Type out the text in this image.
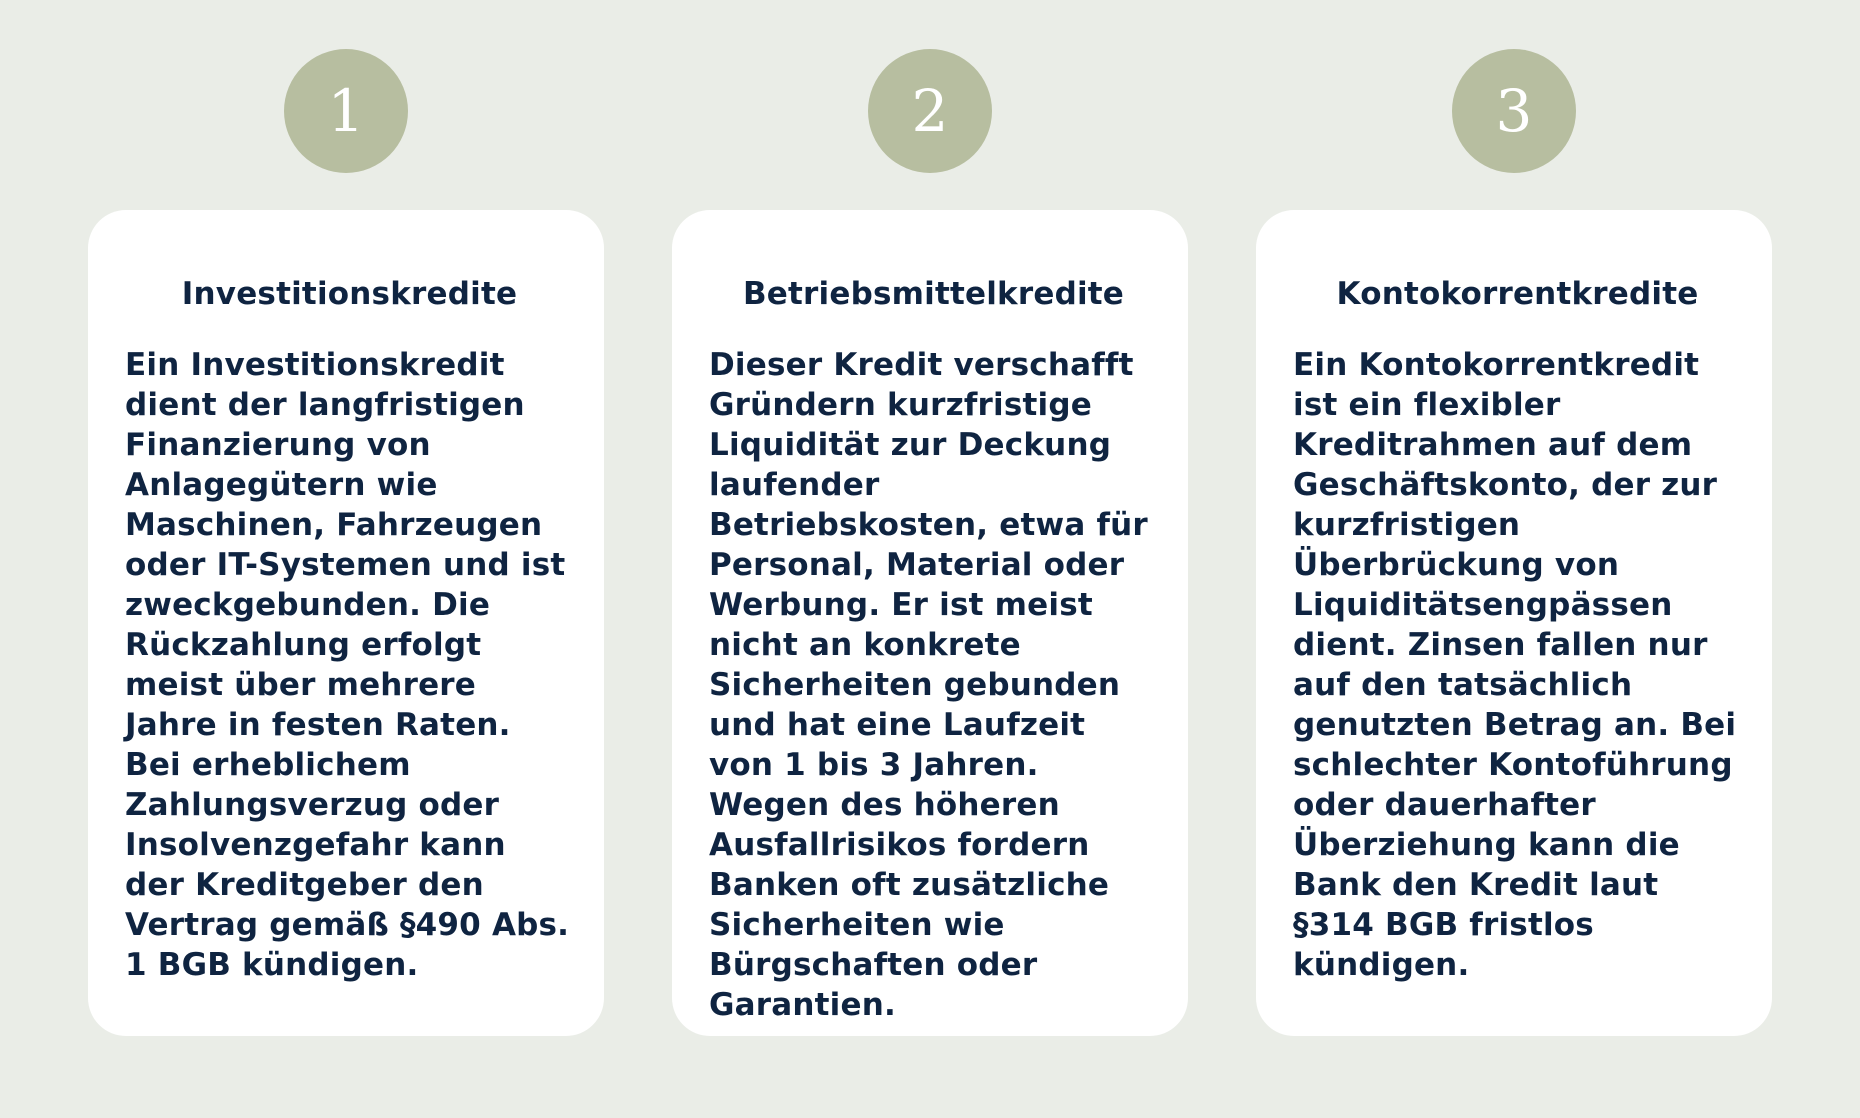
1
Investitionskredite

Ein Investitionskredit dient der langfristigen Finanzierung von Anlagegütern wie Maschinen, Fahrzeugen oder IT-Systemen und ist zweckgebunden. Die Rückzahlung erfolgt meist über mehrere Jahre in festen Raten. Bei erheblichem Zahlungsverzug oder Insolvenzgefahr kann der Kreditgeber den Vertrag gemäß §490 Abs. 1 BGB kündigen.

2
Betriebsmittelkredite

Dieser Kredit verschafft Gründern kurzfristige Liquidität zur Deckung laufender Betriebskosten, etwa für Personal, Material oder Werbung. Er ist meist nicht an konkrete Sicherheiten gebunden und hat eine Laufzeit von 1 bis 3 Jahren. Wegen des höheren Ausfallrisikos fordern Banken oft zusätzliche Sicherheiten wie Bürgschaften oder Garantien.

3
Kontokorrentkredite

Ein Kontokorrentkredit ist ein flexibler Kreditrahmen auf dem Geschäftskonto, der zur kurzfristigen Überbrückung von Liquiditätsengpässen dient. Zinsen fallen nur auf den tatsächlich genutzten Betrag an. Bei schlechter Kontoführung oder dauerhafter Überziehung kann die Bank den Kredit laut §314 BGB fristlos kündigen.
